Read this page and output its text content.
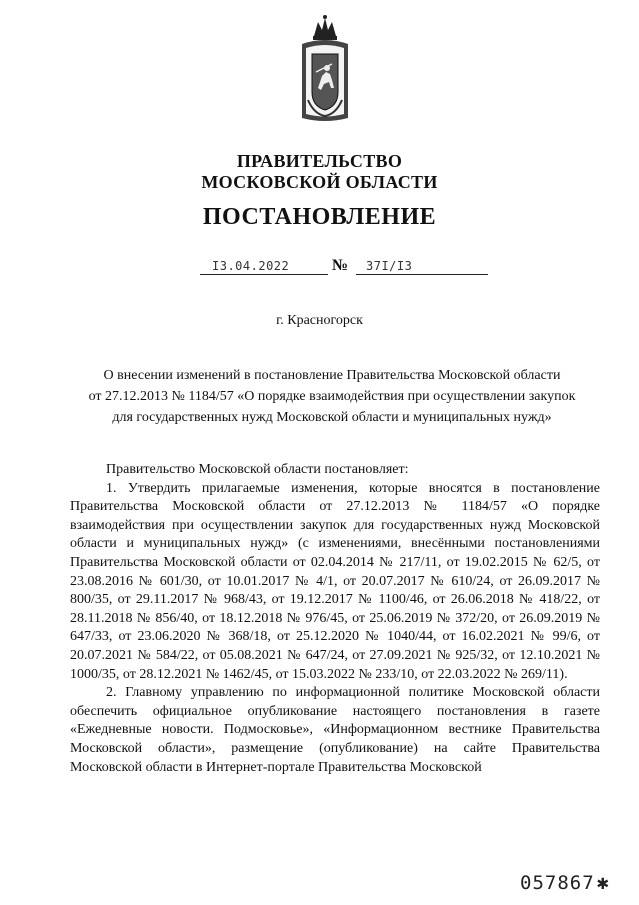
ПРАВИТЕЛЬСТВО
МОСКОВСКОЙ ОБЛАСТИ
ПОСТАНОВЛЕНИЕ
I3.04.2022	№ 37I/I3
г. Красногорск
О внесении изменений в постановление Правительства Московской области
от 27.12.2013 № 1184/57 «О порядке взаимодействия при осуществлении закупок
для государственных нужд Московской области и муниципальных нужд»

Правительство Московской области постановляет:

1. Утвердить прилагаемые изменения, которые вносятся в постановление Правительства Московской области от 27.12.2013 № 1184/57 «О порядке взаимодействия при осуществлении закупок для государственных нужд Московской области и муниципальных нужд» (с изменениями, внесёнными постановлениями Правительства Московской области от 02.04.2014 № 217/11, от 19.02.2015 № 62/5, от 23.08.2016 № 601/30, от 10.01.2017 № 4/1, от 20.07.2017 № 610/24, от 26.09.2017 № 800/35, от 29.11.2017 № 968/43, от 19.12.2017 № 1100/46, от 26.06.2018 № 418/22, от 28.11.2018 № 856/40, от 18.12.2018 № 976/45, от 25.06.2019 № 372/20, от 26.09.2019 № 647/33, от 23.06.2020 № 368/18, от 25.12.2020 № 1040/44, от 16.02.2021 № 99/6, от 20.07.2021 № 584/22, от 05.08.2021 № 647/24, от 27.09.2021 № 925/32, от 12.10.2021 № 1000/35, от 28.12.2021 № 1462/45, от 15.03.2022 № 233/10, от 22.03.2022 № 269/11).

2. Главному управлению по информационной политике Московской области обеспечить официальное опубликование настоящего постановления в газете «Ежедневные новости. Подмосковье», «Информационном вестнике Правительства Московской области», размещение (опубликование) на сайте Правительства Московской области в Интернет-портале Правительства Московской

057867 ✱
